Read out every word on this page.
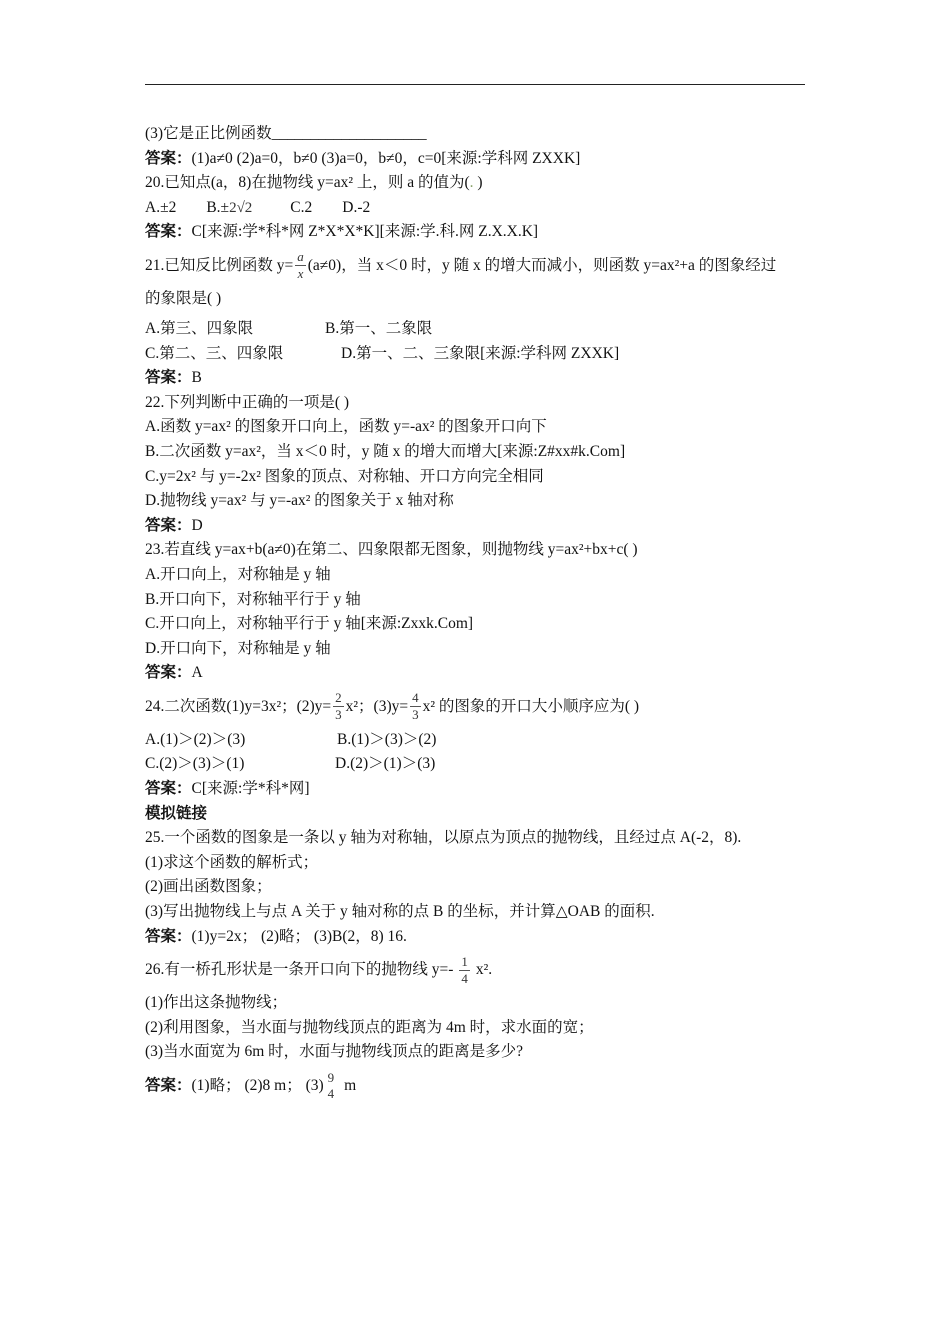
(3)它是正比例函数____________________
答案：(1)a≠0 (2)a=0，b≠0 (3)a=0，b≠0，c=0[来源:学科网 ZXXK]
20.已知点(a，8)在抛物线 y=ax² 上，则 a 的值为(. )
A.±2 B.±2√2 C.2 D.-2
答案：C[来源:学*科*网 Z*X*X*K][来源:学.科.网 Z.X.X.K]
21.已知反比例函数 $y= \frac{a}{x} (a\ne 0)$，当 x＜0 时，y 随 x 的增大而减小，则函数 y=ax²+a 的图象经过
的象限是( )
A.第三、四象限	B.第一、二象限
C.第二、三、四象限	D.第一、二、三象限[来源:学科网 ZXXK]
答案：B
22.下列判断中正确的一项是( )
A.函数 y=ax² 的图象开口向上，函数 y=-ax² 的图象开口向下
B.二次函数 y=ax²，当 x＜0 时，y 随 x 的增大而增大[来源:Z#xx#k.Com]
C.y=2x² 与 y=-2x² 图象的顶点、对称轴、开口方向完全相同
D.抛物线 y=ax² 与 y=-ax² 的图象关于 x 轴对称
答案：D
23.若直线 y=ax+b(a≠0)在第二、四象限都无图象，则抛物线 y=ax²+bx+c( )
A.开口向上，对称轴是 y 轴
B.开口向下，对称轴平行于 y 轴
C.开口向上，对称轴平行于 y 轴[来源:Zxxk.Com]
D.开口向下，对称轴是 y 轴
答案：A
24.二次函数(1)y=3x²；$(2)y= \frac{2}{3} x^2$；$(3)y= \frac{4}{3} x^2$ 的图象的开口大小顺序应为( )
A.(1)＞(2)＞(3)	B.(1)＞(3)＞(2)
C.(2)＞(3)＞(1)	D.(2)＞(1)＞(3)
答案：C[来源:学*科*网]
模拟链接
25.一个函数的图象是一条以 y 轴为对称轴，以原点为顶点的抛物线，且经过点 A(-2，8).
(1)求这个函数的解析式；
(2)画出函数图象；
(3)写出抛物线上与点 A 关于 y 轴对称的点 B 的坐标，并计算△OAB 的面积.
答案：(1)y=2x； (2)略； (3)B(2，8) 16.
26.有一桥孔形状是一条开口向下的抛物线 $y=- \frac{1}{4} x^2$.
(1)作出这条抛物线；
(2)利用图象，当水面与抛物线顶点的距离为 4m 时，求水面的宽；
(3)当水面宽为 6m 时，水面与抛物线顶点的距离是多少?
答案： (1)略； (2)8 m； (3) 9
4 m
